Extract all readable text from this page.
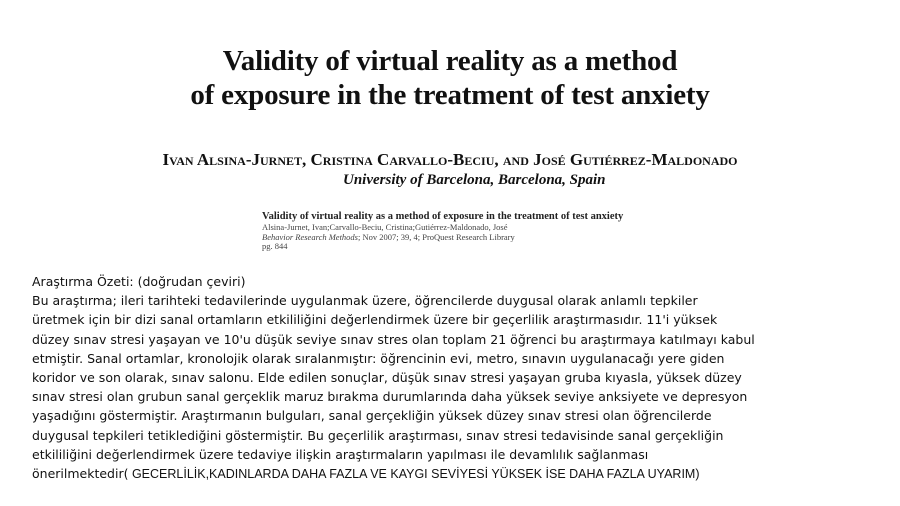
Validity of virtual reality as a method
of exposure in the treatment of test anxiety
Ivan Alsina-Jurnet, Cristina Carvallo-Beciu, and José Gutiérrez-Maldonado
University of Barcelona, Barcelona, Spain
Validity of virtual reality as a method of exposure in the treatment of test anxiety
Alsina-Jurnet, Ivan;Carvallo-Beciu, Cristina;Gutiérrez-Maldonado, José
Behavior Research Methods; Nov 2007; 39, 4; ProQuest Research Library
pg. 844
Araştırma Özeti: (doğrudan çeviri)
Bu araştırma; ileri tarihteki tedavilerinde uygulanmak üzere, öğrencilerde duygusal olarak anlamlı tepkiler
üretmek için bir dizi sanal ortamların etkililiğini değerlendirmek üzere bir geçerlilik araştırmasıdır. 11'i yüksek
düzey sınav stresi yaşayan ve 10'u düşük seviye sınav stres olan toplam 21 öğrenci bu araştırmaya katılmayı kabul
etmiştir. Sanal ortamlar, kronolojik olarak sıralanmıştır: öğrencinin evi, metro, sınavın uygulanacağı yere giden
koridor ve son olarak, sınav salonu. Elde edilen sonuçlar, düşük sınav stresi yaşayan gruba kıyasla, yüksek düzey
sınav stresi olan grubun sanal gerçeklik maruz bırakma durumlarında daha yüksek seviye anksiyete ve depresyon
yaşadığını göstermiştir. Araştırmanın bulguları, sanal gerçekliğin yüksek düzey sınav stresi olan öğrencilerde
duygusal tepkileri tetiklediğini göstermiştir. Bu geçerlilik araştırması, sınav stresi tedavisinde sanal gerçekliğin
etkililiğini değerlendirmek üzere tedaviye ilişkin araştırmaların yapılması ile devamlılık sağlanması
önerilmektedir( GECERLİLİK,KADINLARDA DAHA FAZLA VE KAYGI SEVİYESİ YÜKSEK İSE DAHA FAZLA UYARIM)
